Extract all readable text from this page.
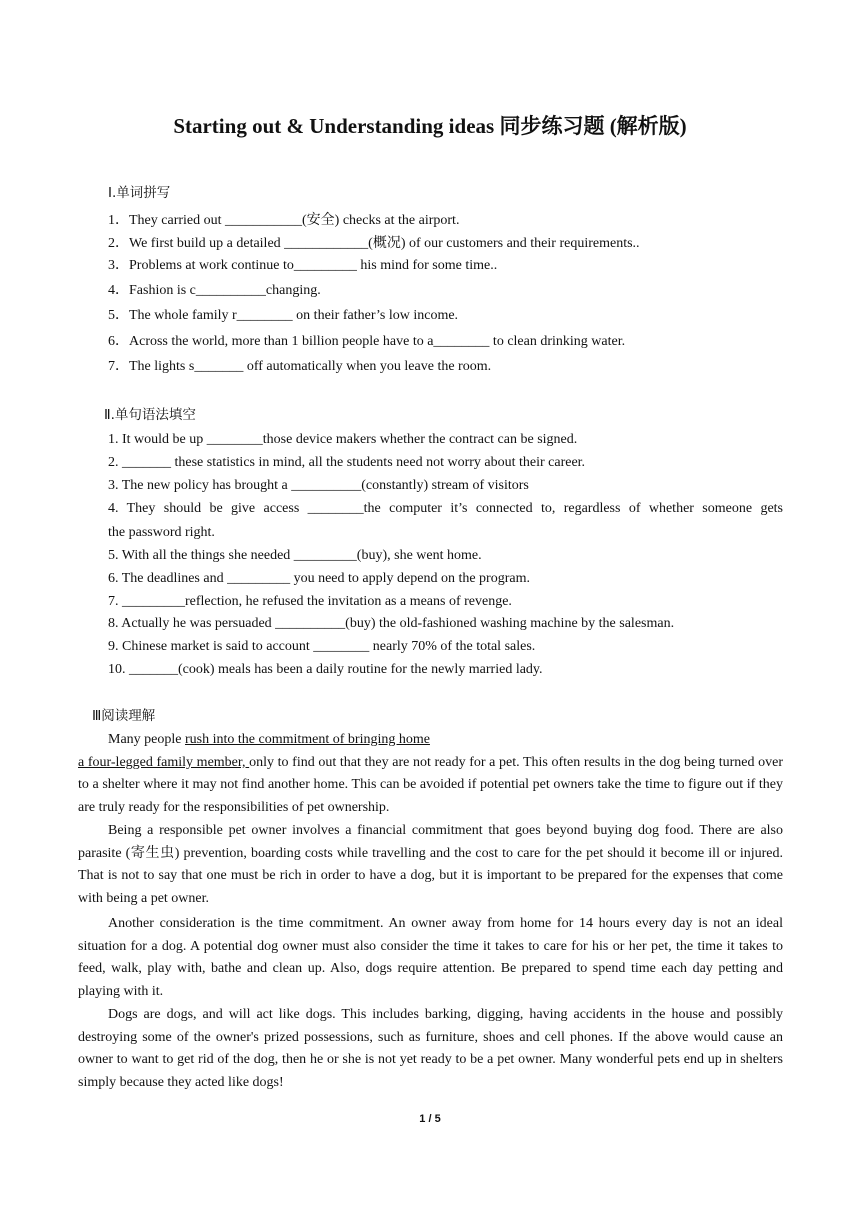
Starting out & Understanding ideas 同步练习题 (解析版)
I.单词拼写
1．They carried out ___________(安全) checks at the airport.
2．We first build up a detailed ____________(概况) of our customers and their requirements..
3．Problems at work continue to_________ his mind for some time..
4．Fashion is c__________changing.
5．The whole family r________ on their father’s low income.
6．Across the world, more than 1 billion people have to a________ to clean drinking water.
7．The lights s_______ off automatically when you leave the room.
Ⅱ.单句语法填空
1. It would be up ________those device makers whether the contract can be signed.
2. _______ these statistics in mind, all the students need not worry about their career.
3. The new policy has brought a __________(constantly) stream of visitors
4. They should be give access ________the computer it’s connected to, regardless of whether someone gets
the password right.
5. With all the things she needed _________(buy), she went home.
6. The deadlines and _________ you need to apply depend on the program.
7. _________reflection, he refused the invitation as a means of revenge.
8. Actually he was persuaded __________(buy) the old-fashioned washing machine by the salesman.
9. Chinese market is said to account ________ nearly 70% of the total sales.
10. _______(cook) meals has been a daily routine for the newly married lady.
Ⅲ阅读理解
Many people rush into the commitment of bringing home
a four-legged family member, only to find out that they are not ready for a pet. This often results in the dog being turned over to a shelter where it may not find another home. This can be avoided if potential pet owners take the time to figure out if they are truly ready for the responsibilities of pet ownership.
Being a responsible pet owner involves a financial commitment that goes beyond buying dog food. There are also parasite (寄生虫) prevention, boarding costs while travelling and the cost to care for the pet should it become ill or injured. That is not to say that one must be rich in order to have a dog, but it is important to be prepared for the expenses that come with being a pet owner.
Another consideration is the time commitment. An owner away from home for 14 hours every day is not an ideal situation for a dog. A potential dog owner must also consider the time it takes to care for his or her pet, the time it takes to feed, walk, play with, bathe and clean up. Also, dogs require attention. Be prepared to spend time each day petting and playing with it.
Dogs are dogs, and will act like dogs. This includes barking, digging, having accidents in the house and possibly destroying some of the owner's prized possessions, such as furniture, shoes and cell phones. If the above would cause an owner to want to get rid of the dog, then he or she is not yet ready to be a pet owner. Many wonderful pets end up in shelters simply because they acted like dogs!
1 / 5
